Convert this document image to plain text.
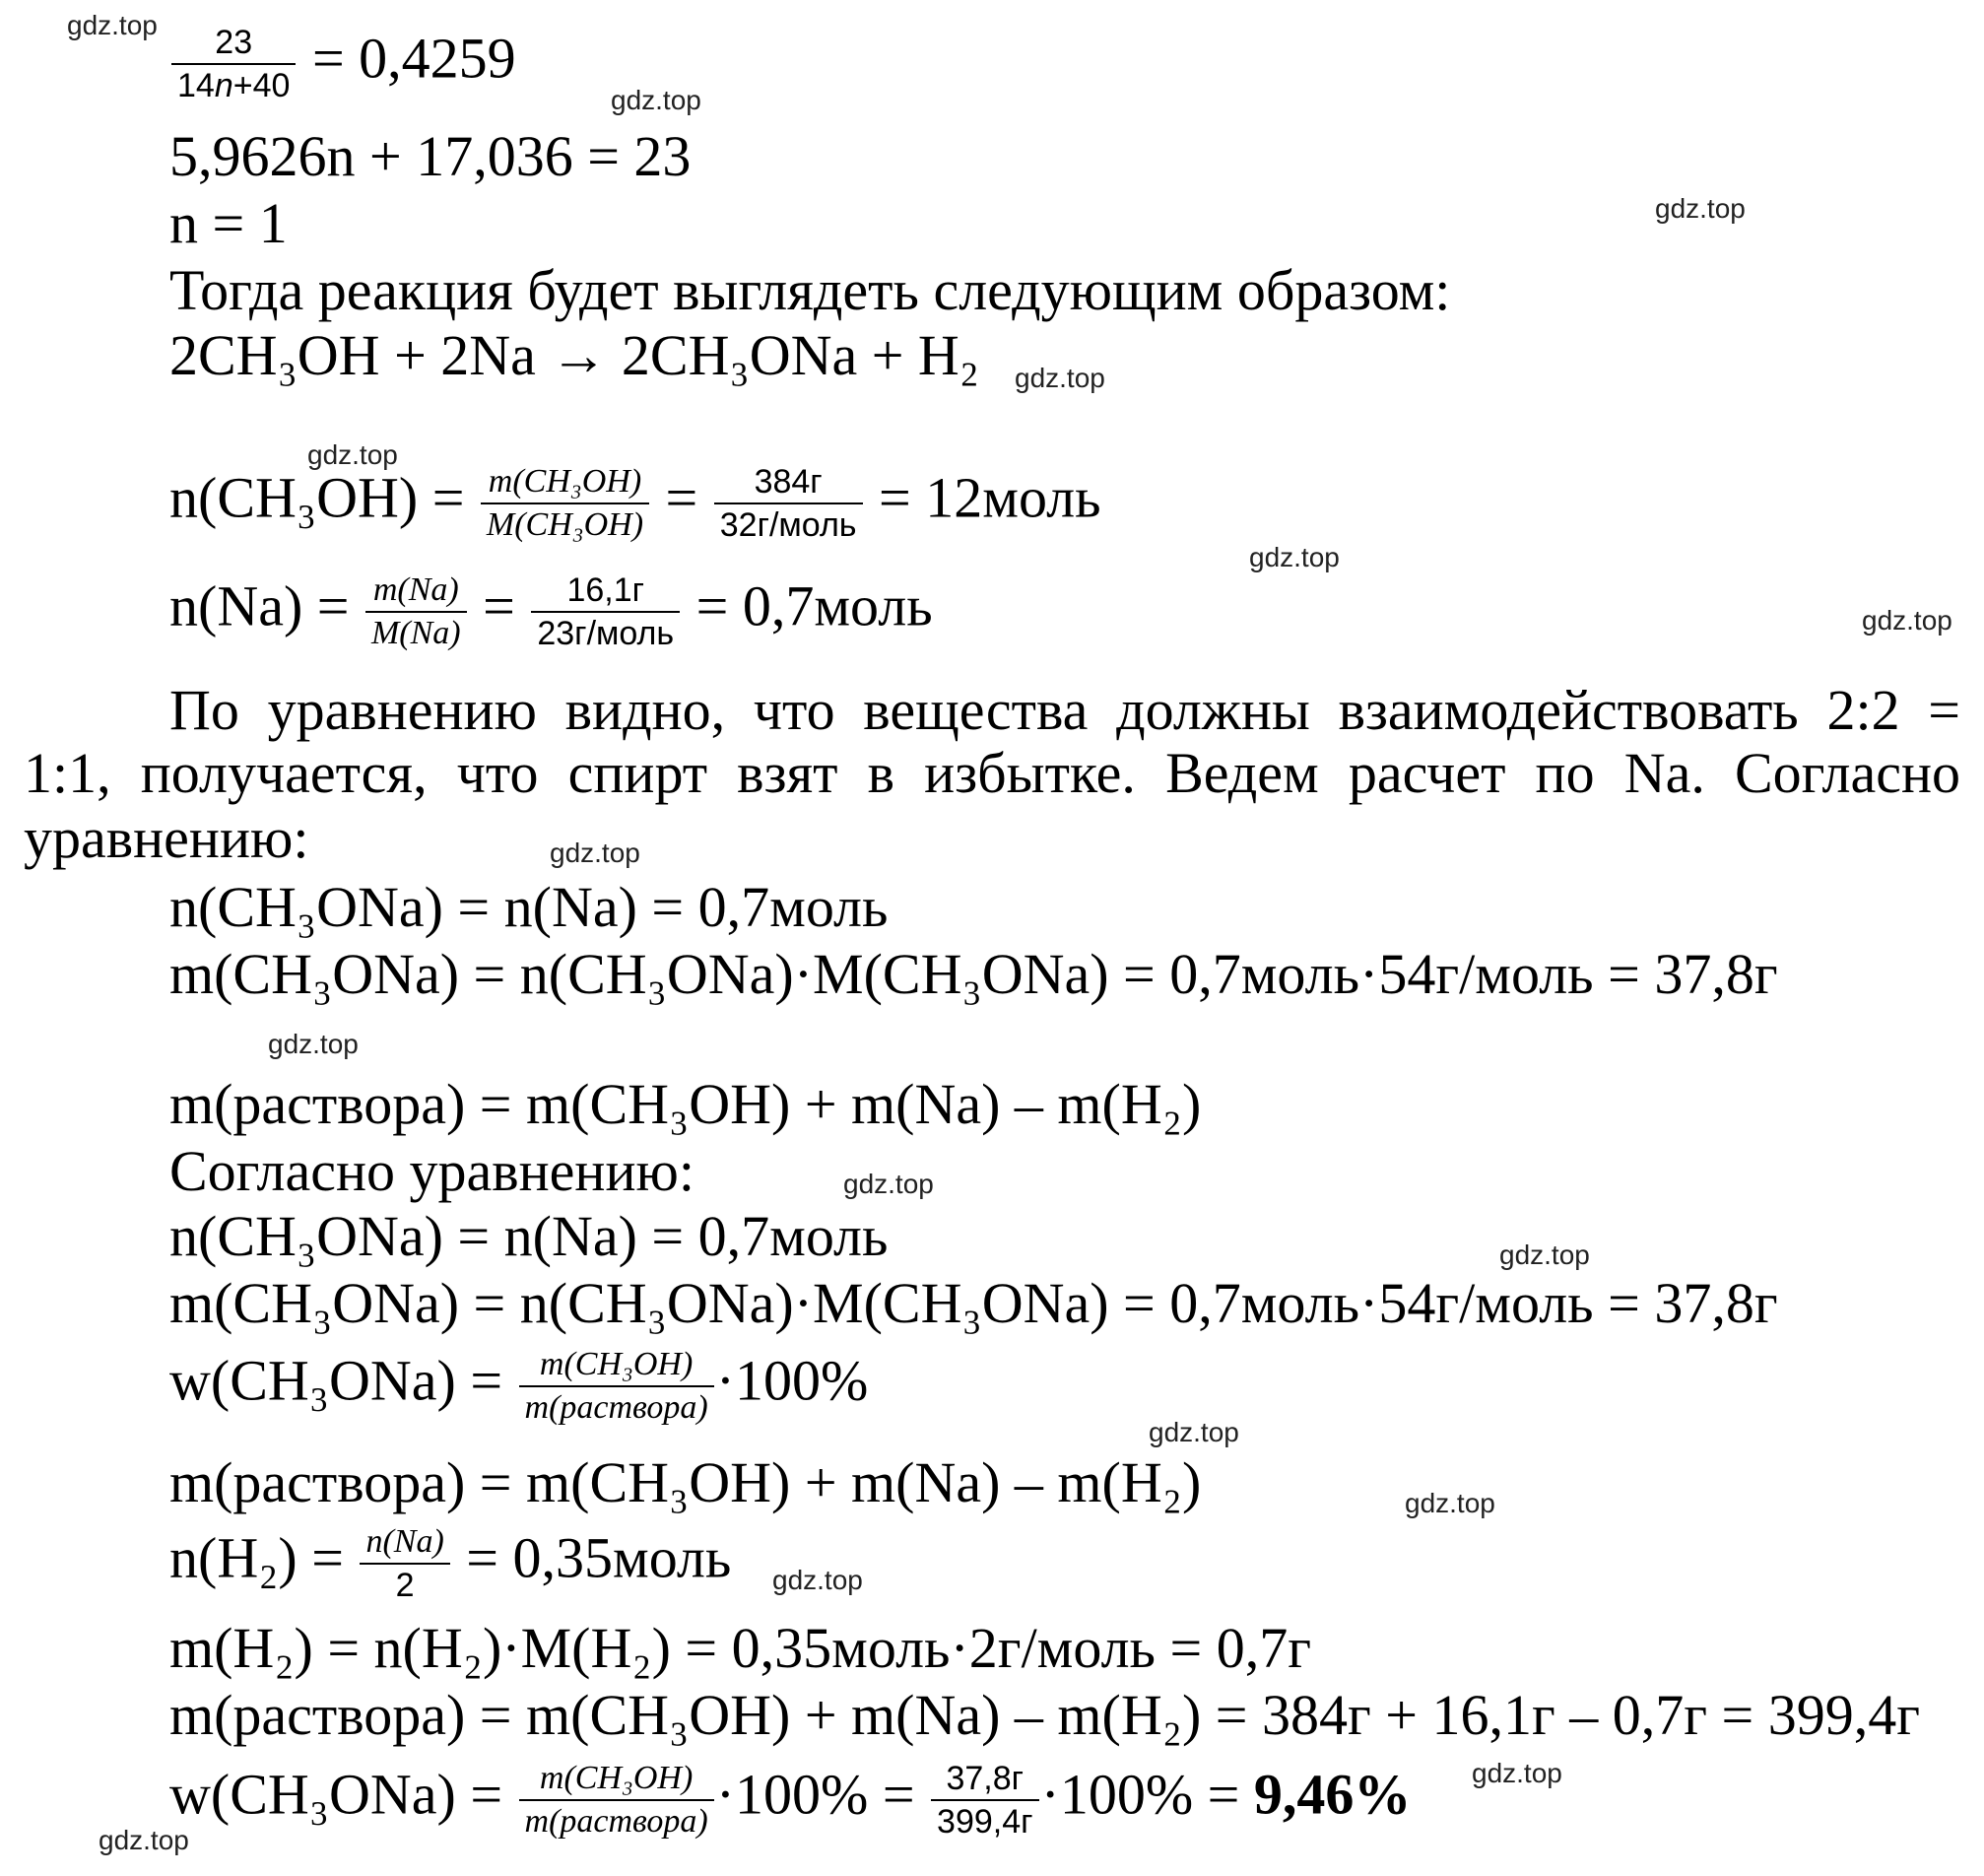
gdz.top
gdz.top
gdz.top
gdz.top
gdz.top
gdz.top
gdz.top
gdz.top
gdz.top
gdz.top
gdz.top
gdz.top
gdz.top
gdz.top
gdz.top
gdz.top
$\frac{23}{14n+40} = 0,4259$
5,9626n + 17,036 = 23
n = 1
Тогда реакция будет выглядеть следующим образом:
2CH₃OH + 2Na → 2CH₃ONa + H₂
$n(CH_3OH) = \frac{\text{m(CH₃OH)}}{\text{M(CH₃OH)}} = \frac{384г}{\text{32г/моль}}$ = 12моль
$n(Na) = \frac{m(Na)}{M(Na)} = \frac{16,1г}{\text{23г/моль}}$ = 0,7моль
По уравнению видно, что вещества должны взаимодействовать 2:2 =
1:1, получается, что спирт взят в избытке. Ведем расчет по Na. Согласно
уравнению:
n(CH₃ONa) = n(Na) = 0,7моль
m(CH₃ONa) = n(CH₃ONa)·M(CH₃ONa) = 0,7моль·54г/моль = 37,8г
m(раствора) = m(CH₃OH) + m(Na) – m(H₂)
Согласно уравнению:
n(CH₃ONa) = n(Na) = 0,7моль
m(CH₃ONa) = n(CH₃ONa)·M(CH₃ONa) = 0,7моль·54г/моль = 37,8г
$w(CH_3ONa) = \frac{\text{m(CH₃OH)}}{\text{m(раствора)}} \cdot 100\%$
m(раствора) = m(CH₃OH) + m(Na) – m(H₂)
$n(H_2) = \frac{n(Na)}{2}$ = 0,35моль
m(H₂) = n(H₂)·M(H₂) = 0,35моль·2г/моль = 0,7г
m(раствора) = m(CH₃OH) + m(Na) – m(H₂) = 384г + 16,1г – 0,7г = 399,4г
$w(CH_3ONa) = \frac{\text{m(CH₃OH)}}{\text{m(раствора)}} \cdot 100\% = \frac{37,8г}{399,4г} \cdot 100\% = 9,46\%$
